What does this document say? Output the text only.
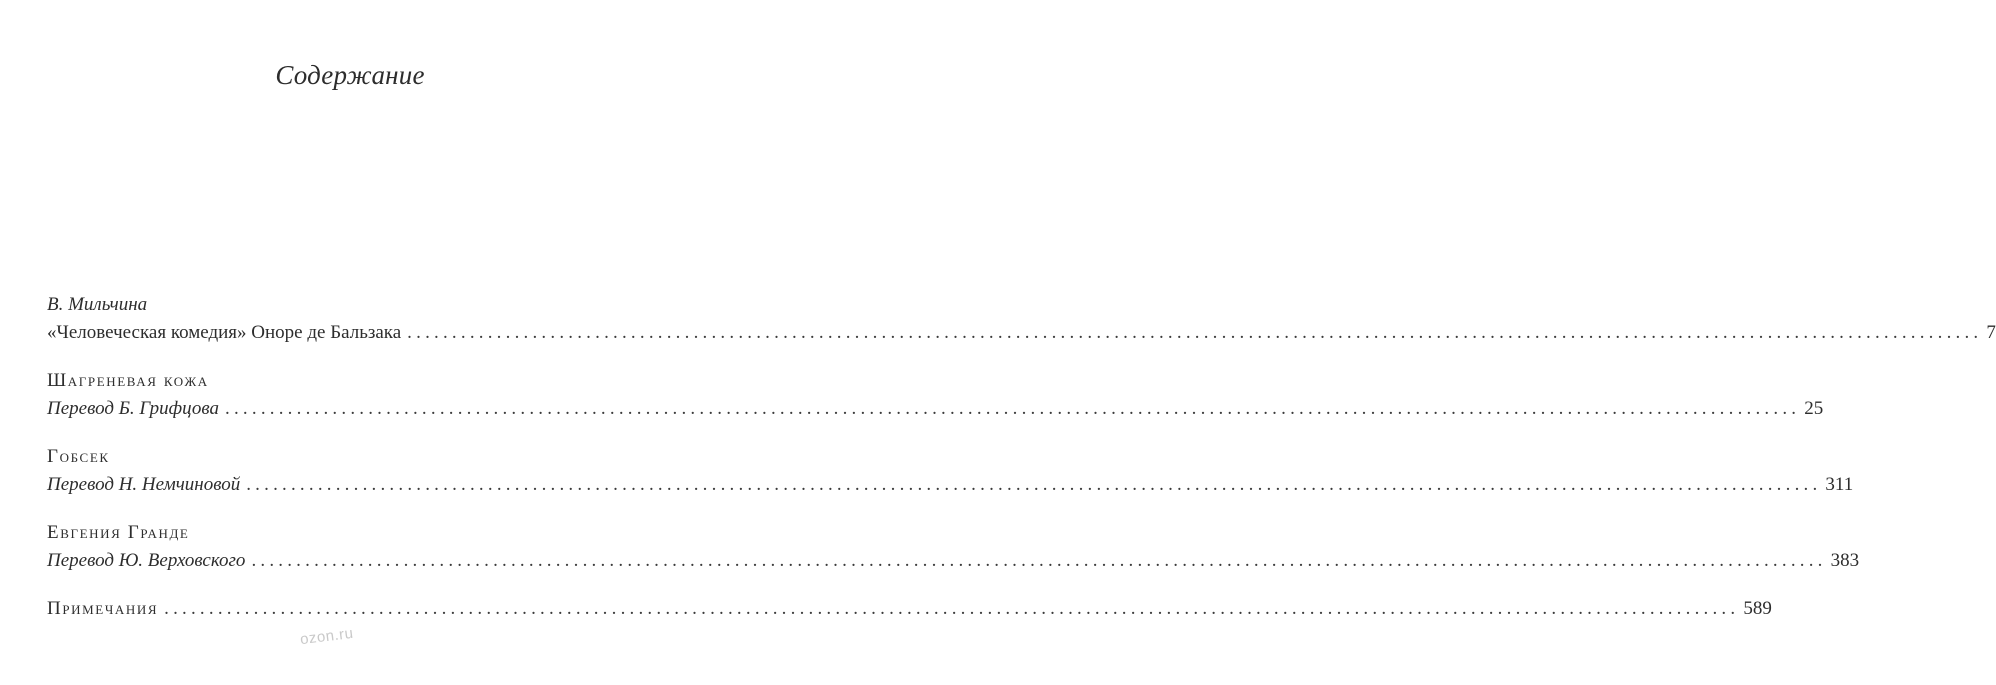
Содержание
В. Мильчина
«Человеческая комедия» Оноре де Бальзака ................................................................................................................................................................................ 7
Шагреневая кожа
Перевод Б. Грифцова ................................................................................................................................................................................ 25
Гобсек
Перевод Н. Немчиновой ................................................................................................................................................................................ 311
Евгения Гранде
Перевод Ю. Верховского ................................................................................................................................................................................ 383
Примечания ................................................................................................................................................................................ 589
ozon.ru
